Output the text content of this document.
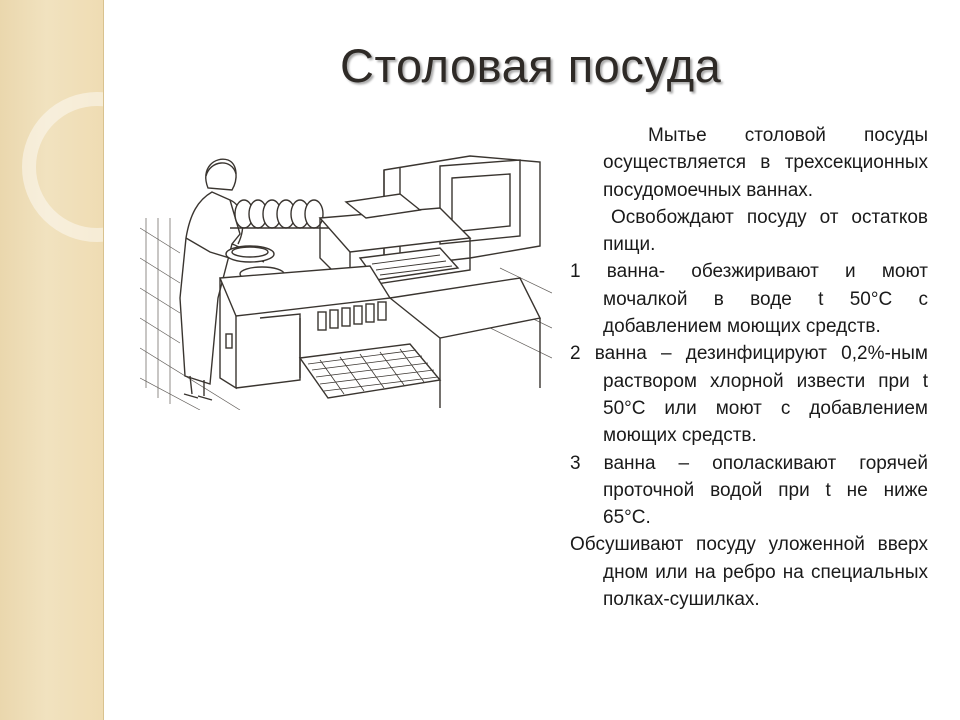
Столовая посуда

Мытье столовой посуды осуществляется в трехсекционных посудомоечных ваннах.

Освобождают посуду от остатков пищи.

1 ванна- обезжиривают и моют мочалкой в воде t 50°С с добавлением моющих средств.

2 ванна – дезинфицируют 0,2%-ным раствором хлорной извести при t 50°С или моют с добавлением моющих средств.

3 ванна – ополаскивают горячей проточной водой при t не ниже 65°С.

Обсушивают посуду уложенной вверх дном или на ребро на специальных полках-сушилках.
